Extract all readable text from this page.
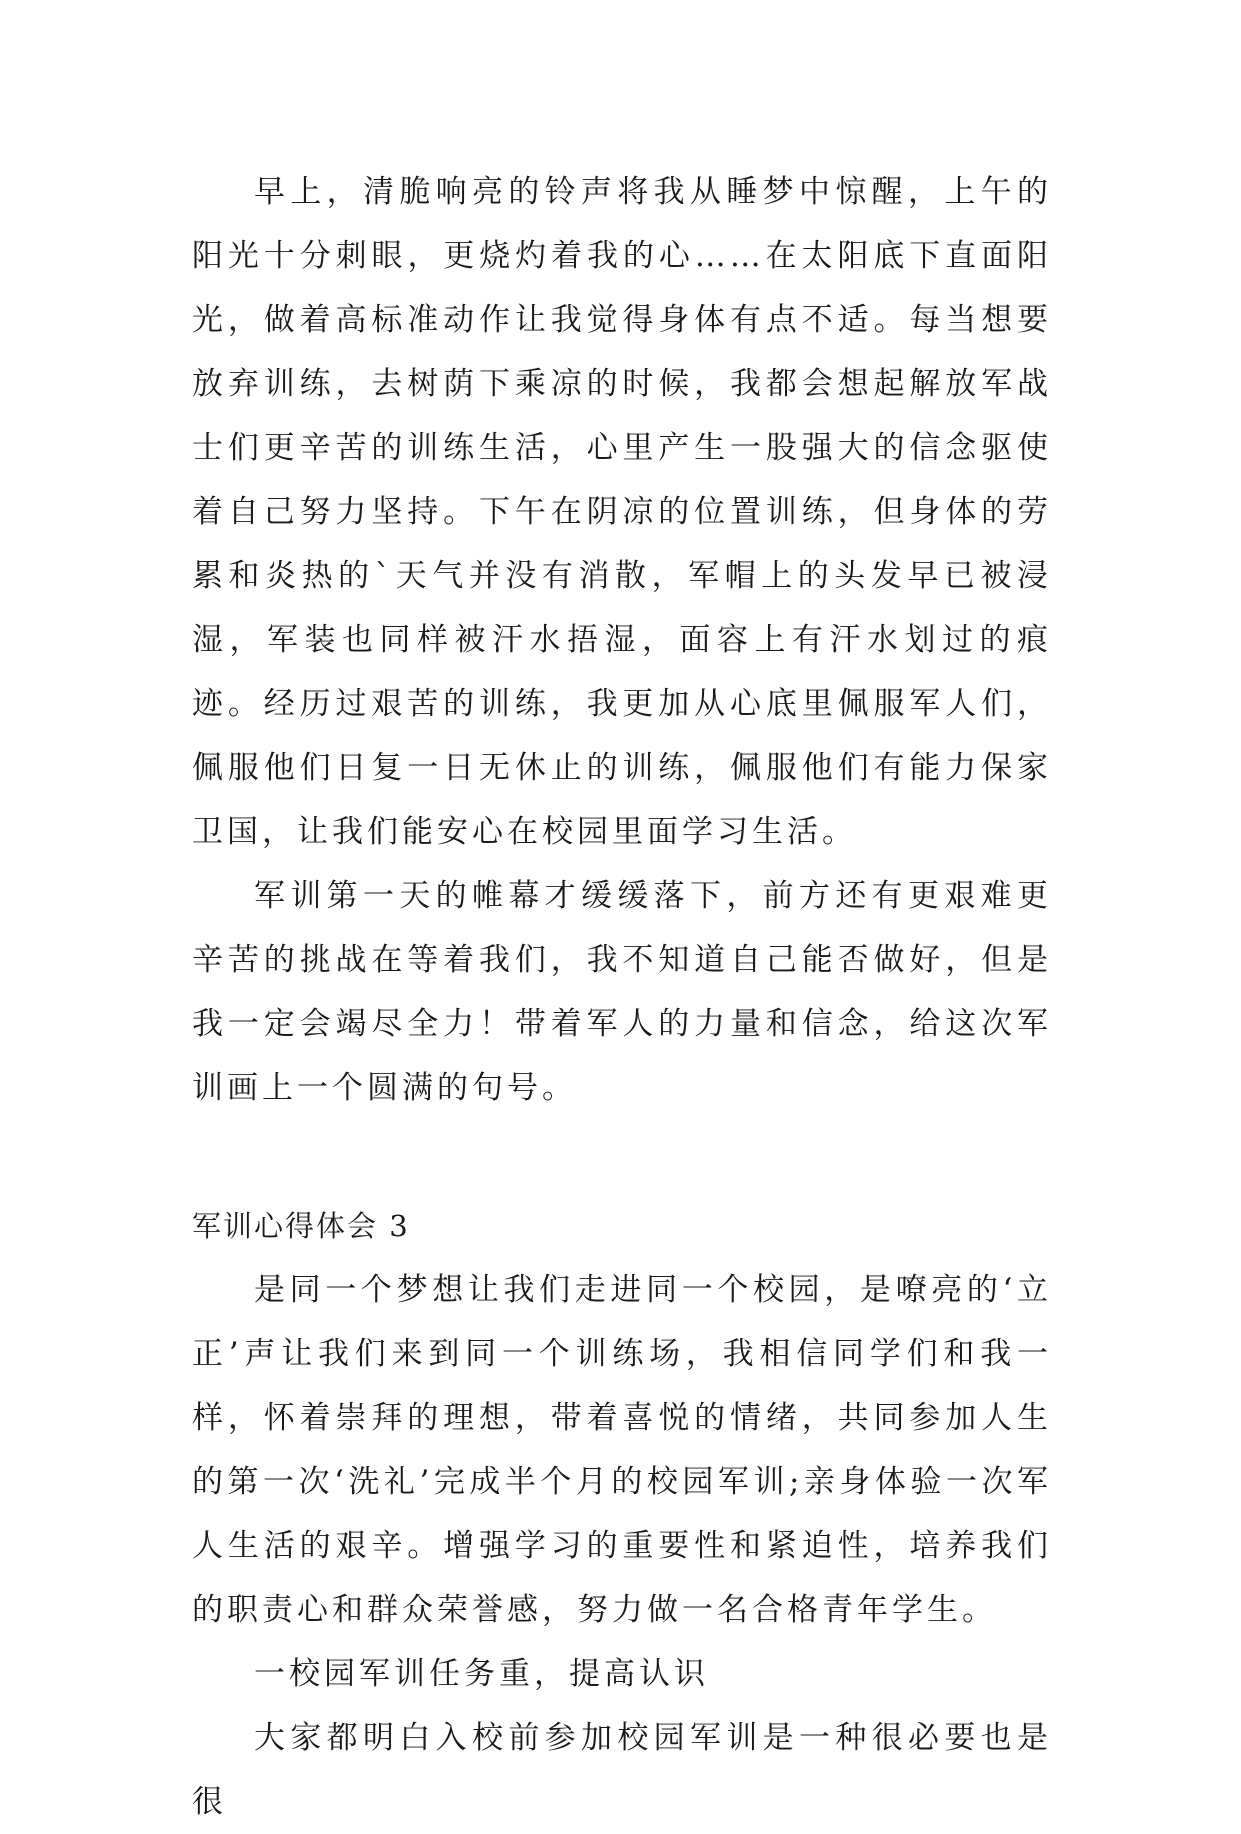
早上，清脆响亮的铃声将我从睡梦中惊醒，上午的阳光十分刺眼，更烧灼着我的心……在太阳底下直面阳光，做着高标准动作让我觉得身体有点不适。每当想要放弃训练，去树荫下乘凉的时候，我都会想起解放军战士们更辛苦的训练生活，心里产生一股强大的信念驱使着自己努力坚持。下午在阴凉的位置训练，但身体的劳累和炎热的`天气并没有消散，军帽上的头发早已被浸湿，军装也同样被汗水捂湿，面容上有汗水划过的痕迹。经历过艰苦的训练，我更加从心底里佩服军人们，佩服他们日复一日无休止的训练，佩服他们有能力保家卫国，让我们能安心在校园里面学习生活。

军训第一天的帷幕才缓缓落下，前方还有更艰难更辛苦的挑战在等着我们，我不知道自己能否做好，但是我一定会竭尽全力！带着军人的力量和信念，给这次军训画上一个圆满的句号。

军训心得体会 3

是同一个梦想让我们走进同一个校园，是嘹亮的‘立正’声让我们来到同一个训练场，我相信同学们和我一样，怀着崇拜的理想，带着喜悦的情绪，共同参加人生的第一次‘洗礼’完成半个月的校园军训;亲身体验一次军人生活的艰辛。增强学习的重要性和紧迫性，培养我们的职责心和群众荣誉感，努力做一名合格青年学生。

一校园军训任务重，提高认识

大家都明白入校前参加校园军训是一种很必要也是很
